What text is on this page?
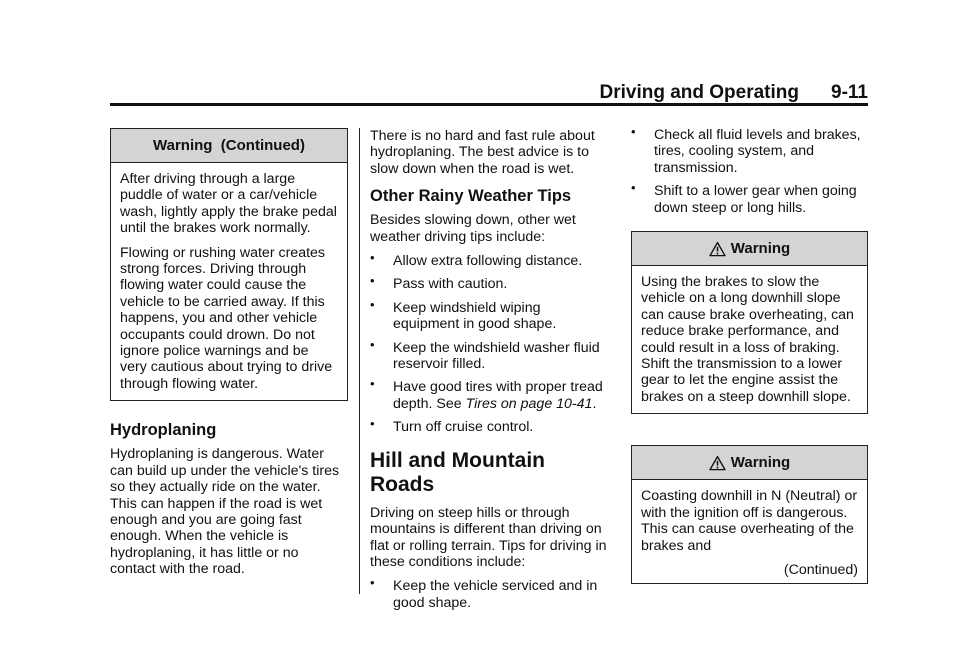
Driving and Operating 9-11
Warning  (Continued)

After driving through a large puddle of water or a car/vehicle wash, lightly apply the brake pedal until the brakes work normally.

Flowing or rushing water creates strong forces. Driving through flowing water could cause the vehicle to be carried away. If this happens, you and other vehicle occupants could drown. Do not ignore police warnings and be very cautious about trying to drive through flowing water.

Hydroplaning

Hydroplaning is dangerous. Water can build up under the vehicle's tires so they actually ride on the water. This can happen if the road is wet enough and you are going fast enough. When the vehicle is hydroplaning, it has little or no contact with the road.

There is no hard and fast rule about hydroplaning. The best advice is to slow down when the road is wet.

Other Rainy Weather Tips

Besides slowing down, other wet weather driving tips include:

• Allow extra following distance.
• Pass with caution.
• Keep windshield wiping equipment in good shape.
• Keep the windshield washer fluid reservoir filled.
• Have good tires with proper tread depth. See Tires on page 10-41.
• Turn off cruise control.
Hill and Mountain Roads

Driving on steep hills or through mountains is different than driving on flat or rolling terrain. Tips for driving in these conditions include:

• Keep the vehicle serviced and in good shape.
• Check all fluid levels and brakes, tires, cooling system, and transmission.
• Shift to a lower gear when going down steep or long hills.
Warning

Using the brakes to slow the vehicle on a long downhill slope can cause brake overheating, can reduce brake performance, and could result in a loss of braking. Shift the transmission to a lower gear to let the engine assist the brakes on a steep downhill slope.

Warning

Coasting downhill in N (Neutral) or with the ignition off is dangerous. This can cause overheating of the brakes and

(Continued)
